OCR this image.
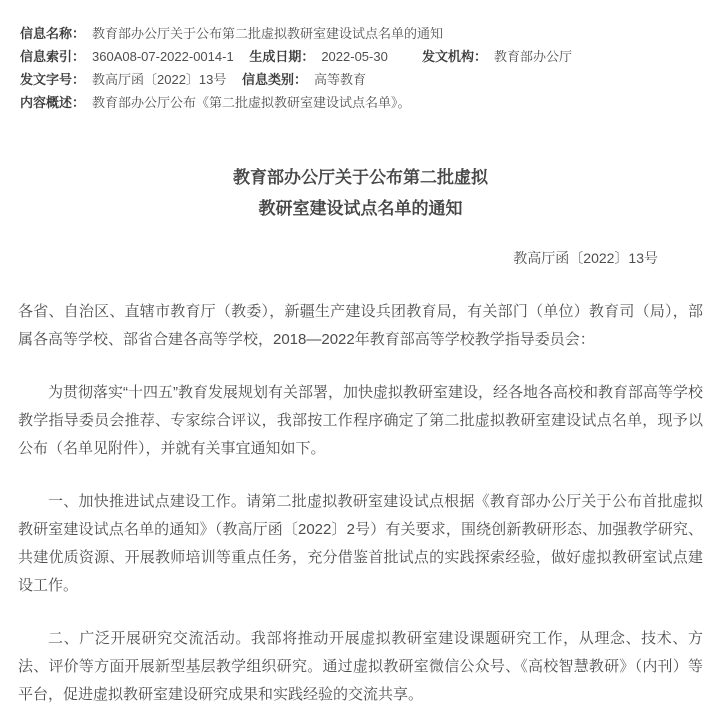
信息名称： 教育部办公厅关于公布第二批虚拟教研室建设试点名单的通知
信息索引： 360A08-07-2022-0014-1 生成日期： 2022-05-30	发文机构： 教育部办公厅
发文字号： 教高厅函〔2022〕13号 信息类别： 高等教育
内容概述： 教育部办公厅公布《第二批虚拟教研室建设试点名单》。
教育部办公厅关于公布第二批虚拟
教研室建设试点名单的通知
教高厅函〔2022〕13号

各省、自治区、直辖市教育厅（教委），新疆生产建设兵团教育局，有关部门（单位）教育司（局），部属各高等学校、部省合建各高等学校，2018—2022年教育部高等学校教学指导委员会：

为贯彻落实“十四五”教育发展规划有关部署，加快虚拟教研室建设，经各地各高校和教育部高等学校教学指导委员会推荐、专家综合评议，我部按工作程序确定了第二批虚拟教研室建设试点名单，现予以公布（名单见附件），并就有关事宜通知如下。

一、加快推进试点建设工作。请第二批虚拟教研室建设试点根据《教育部办公厅关于公布首批虚拟教研室建设试点名单的通知》（教高厅函〔2022〕2号）有关要求，围绕创新教研形态、加强教学研究、共建优质资源、开展教师培训等重点任务，充分借鉴首批试点的实践探索经验，做好虚拟教研室试点建设工作。

二、广泛开展研究交流活动。我部将推动开展虚拟教研室建设课题研究工作，从理念、技术、方法、评价等方面开展新型基层教学组织研究。通过虚拟教研室微信公众号、《高校智慧教研》（内刊）等平台，促进虚拟教研室建设研究成果和实践经验的交流共享。
